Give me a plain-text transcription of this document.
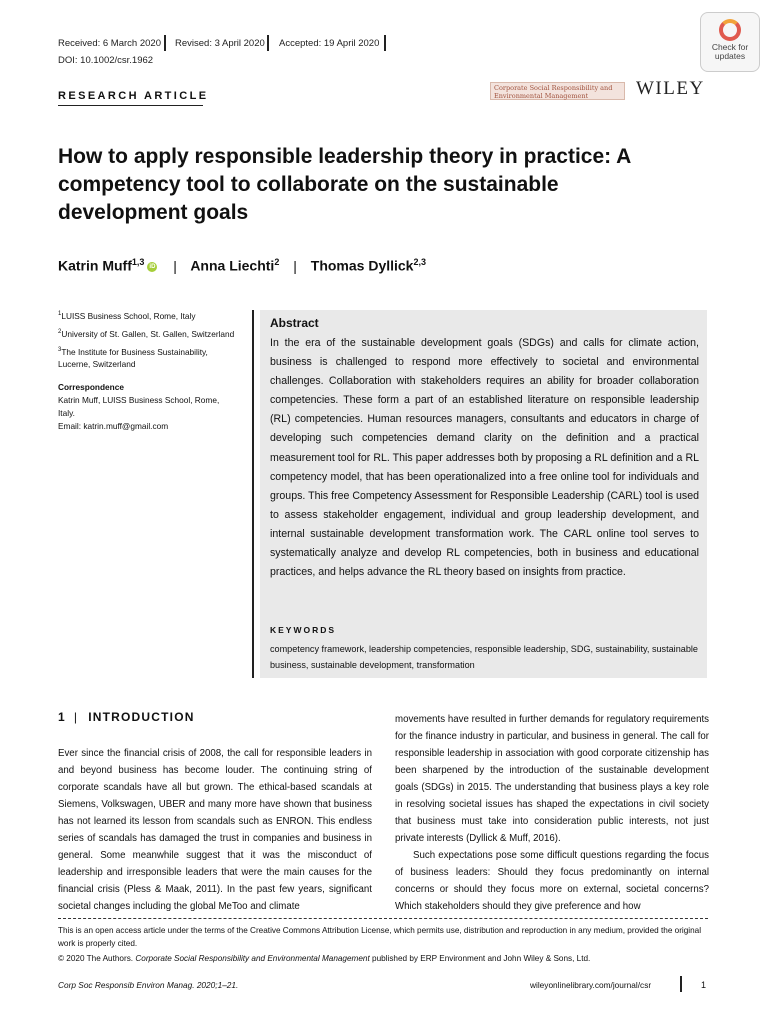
Received: 6 March 2020 Revised: 3 April 2020 Accepted: 19 April 2020
DOI: 10.1002/csr.1962
Check for updates
Corporate Social Responsibility and Environmental Management	WILEY
RESEARCH ARTICLE
How to apply responsible leadership theory in practice: A competency tool to collaborate on the sustainable development goals
Katrin Muff$^{1,3}$ iD | Anna Liechti$^2$ | Thomas Dyllick$^{2,3}$

$^1$LUISS Business School, Rome, Italy

$^2$University of St. Gallen, St. Gallen, Switzerland

$^3$The Institute for Business Sustainability, Lucerne, Switzerland

Correspondence
Katrin Muff, LUISS Business School, Rome, Italy.
Email: katrin.muff@gmail.com

Abstract

In the era of the sustainable development goals (SDGs) and calls for climate action, business is challenged to respond more effectively to societal and environmental challenges. Collaboration with stakeholders requires an ability for broader collaboration competencies. These form a part of an established literature on responsible leadership (RL) competencies. Human resources managers, consultants and educators in charge of developing such competencies demand clarity on the definition and a practical measurement tool for RL. This paper addresses both by proposing a RL definition and a RL competency model, that has been operationalized into a free online tool for individuals and groups. This free Competency Assessment for Responsible Leadership (CARL) tool is used to assess stakeholder engagement, individual and group leadership development, and internal sustainable development transformation work. The CARL online tool serves to systematically analyze and develop RL competencies, both in business and educational practices, and helps advance the RL theory based on insights from practice.

KEYWORDS

competency framework, leadership competencies, responsible leadership, SDG, sustainability, sustainable business, sustainable development, transformation

1 | INTRODUCTION

Ever since the financial crisis of 2008, the call for responsible leaders in and beyond business has become louder. The continuing string of corporate scandals have all but grown. The ethical-based scandals at Siemens, Volkswagen, UBER and many more have shown that business has not learned its lesson from scandals such as ENRON. This endless series of scandals has damaged the trust in companies and business in general. Some meanwhile suggest that it was the misconduct of leadership and irresponsible leaders that were the main causes for the financial crisis (Pless & Maak, 2011). In the past few years, significant societal changes including the global MeToo and climate

movements have resulted in further demands for regulatory requirements for the finance industry in particular, and business in general. The call for responsible leadership in association with good corporate citizenship has been sharpened by the introduction of the sustainable development goals (SDGs) in 2015. The understanding that business plays a key role in resolving societal issues has shaped the expectations in civil society that business must take into consideration public interests, not just private interests (Dyllick & Muff, 2016).

Such expectations pose some difficult questions regarding the focus of business leaders: Should they focus predominantly on internal concerns or should they focus more on external, societal concerns? Which stakeholders should they give preference and how

This is an open access article under the terms of the Creative Commons Attribution License, which permits use, distribution and reproduction in any medium, provided the original work is properly cited.

© 2020 The Authors. Corporate Social Responsibility and Environmental Management published by ERP Environment and John Wiley & Sons, Ltd.
Corp Soc Responsib Environ Manag. 2020;1–21.	wileyonlinelibrary.com/journal/csr	1
